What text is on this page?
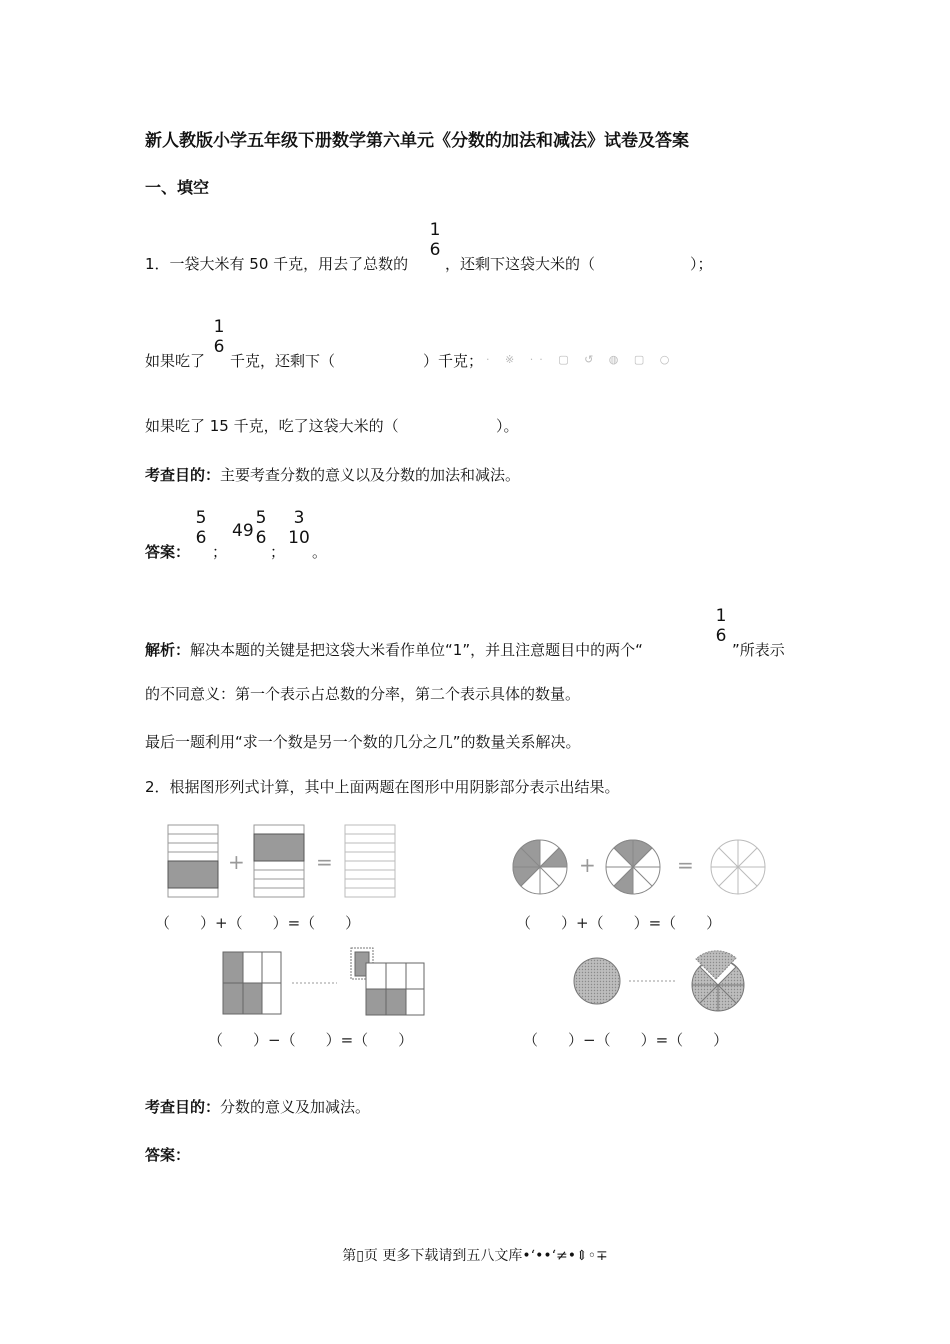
新人教版小学五年级下册数学第六单元《分数的加法和减法》试卷及答案
一、填空
1．一袋大米有 50 千克，用去了总数的
1
6
，还剩下这袋大米的（	）；
如果吃了
1
6
千克，还剩下（	）千克； · ※ ·· ▢ ↺ ◍ ▢ ○
如果吃了 15 千克，吃了这袋大米的（	）。
考查目的：主要考查分数的意义以及分数的加法和减法。
答案：
5
6
；
49
5
6
；
3
10
。
解析：解决本题的关键是把这袋大米看作单位“1”，并且注意题目中的两个“
1
6
”所表示
的不同意义：第一个表示占总数的分率，第二个表示具体的数量。
最后一题利用“求一个数是另一个数的几分之几”的数量关系解决。
2．根据图形列式计算，其中上面两题在图形中用阴影部分表示出结果。
+	=
（　　）+（　　）=（　　）
+	=
（　　）+（　　）=（　　）
（　　）−（　　）=（　　）	（　　）−（　　）=（　　）
考查目的：分数的意义及加减法。
答案：
第▯页 更多下载请到五八文库•ʻ••ʻ≠•⇕◦∓
